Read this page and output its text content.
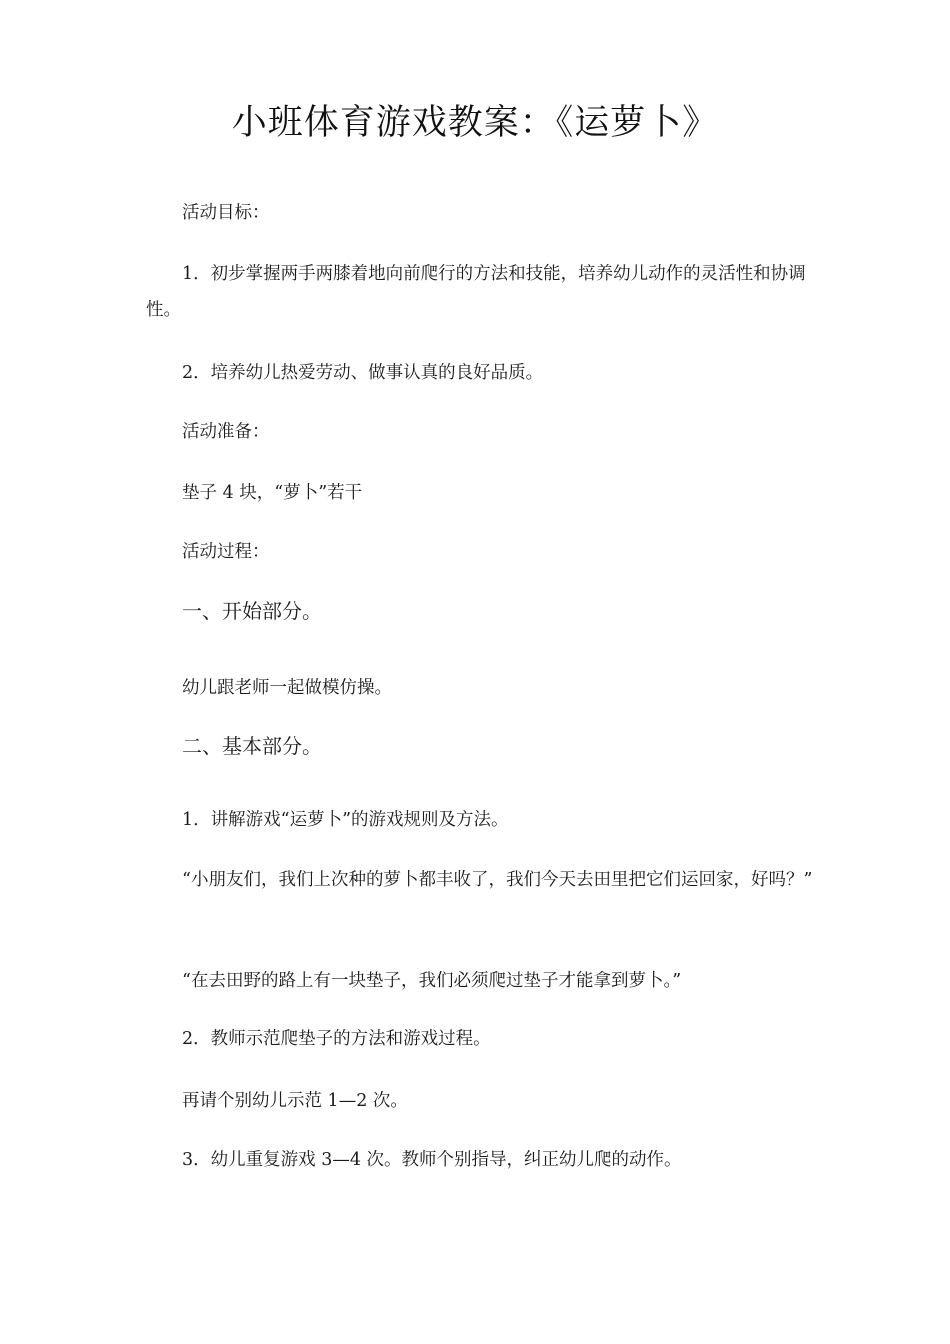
小班体育游戏教案：《运萝卜》

活动目标：

1．初步掌握两手两膝着地向前爬行的方法和技能，培养幼儿动作的灵活性和协调性。

2．培养幼儿热爱劳动、做事认真的良好品质。

活动准备：

垫子 4 块，“萝卜”若干

活动过程：

一、开始部分。

幼儿跟老师一起做模仿操。

二、基本部分。

1．讲解游戏“运萝卜”的游戏规则及方法。

“小朋友们，我们上次种的萝卜都丰收了，我们今天去田里把它们运回家，好吗？”

“在去田野的路上有一块垫子，我们必须爬过垫子才能拿到萝卜。”

2．教师示范爬垫子的方法和游戏过程。

再请个别幼儿示范 1—2 次。

3．幼儿重复游戏 3—4 次。教师个别指导，纠正幼儿爬的动作。
